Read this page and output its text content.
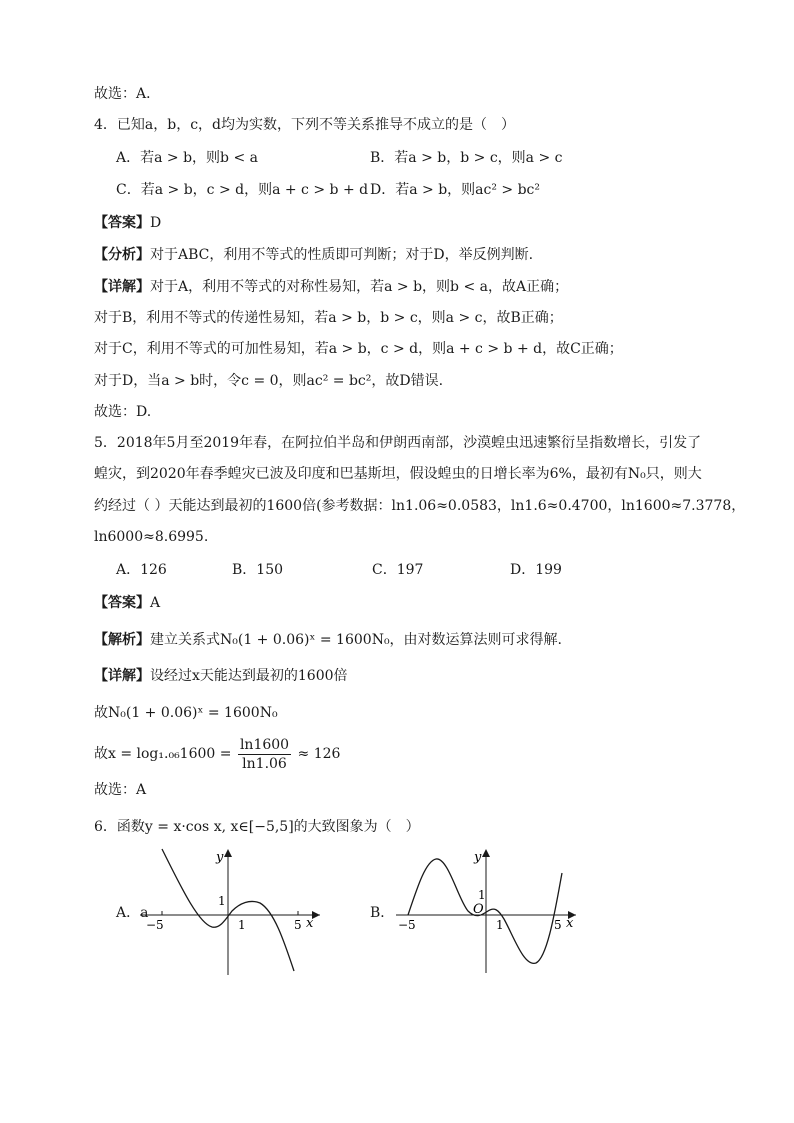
故选：A．
4．已知a，b，c，d均为实数，下列不等关系推导不成立的是（　）
A．若a > b，则b < a	B．若a > b，b > c，则a > c
C．若a > b，c > d，则a + c > b + d D．若a > b，则ac² > bc²
【答案】D
【分析】对于ABC，利用不等式的性质即可判断；对于D，举反例判断.
【详解】对于A，利用不等式的对称性易知，若a > b，则b < a，故A正确；
对于B，利用不等式的传递性易知，若a > b，b > c，则a > c，故B正确；
对于C，利用不等式的可加性易知，若a > b，c > d，则a + c > b + d，故C正确；
对于D，当a > b时，令c = 0，则ac² = bc²，故D错误.
故选：D.
5．2018年5月至2019年春，在阿拉伯半岛和伊朗西南部，沙漠蝗虫迅速繁衍呈指数增长，引发了
蝗灾，到2020年春季蝗灾已波及印度和巴基斯坦，假设蝗虫的日增长率为6%，最初有N₀只，则大
约经过（ ）天能达到最初的1600倍(参考数据：ln1.06≈0.0583，ln1.6≈0.4700，ln1600≈7.3778，
ln6000≈8.6995.
A．126	B．150	C．197	D．199
【答案】A
【解析】建立关系式N₀(1 + 0.06)ˣ = 1600N₀，由对数运算法则可求得解.
【详解】设经过x天能达到最初的1600倍
故N₀(1 + 0.06)ˣ = 1600N₀
故$x = \log_1._{06}1600 = \frac{\ln 1600}{\ln 1.06} \approx 126$
故选：A
6．函数y = x·cos x, x∈[−5,5]的大致图象为（　）
A．a
y
x
1
1
−5	5
B．
y
x
1
O
1
−5	5
